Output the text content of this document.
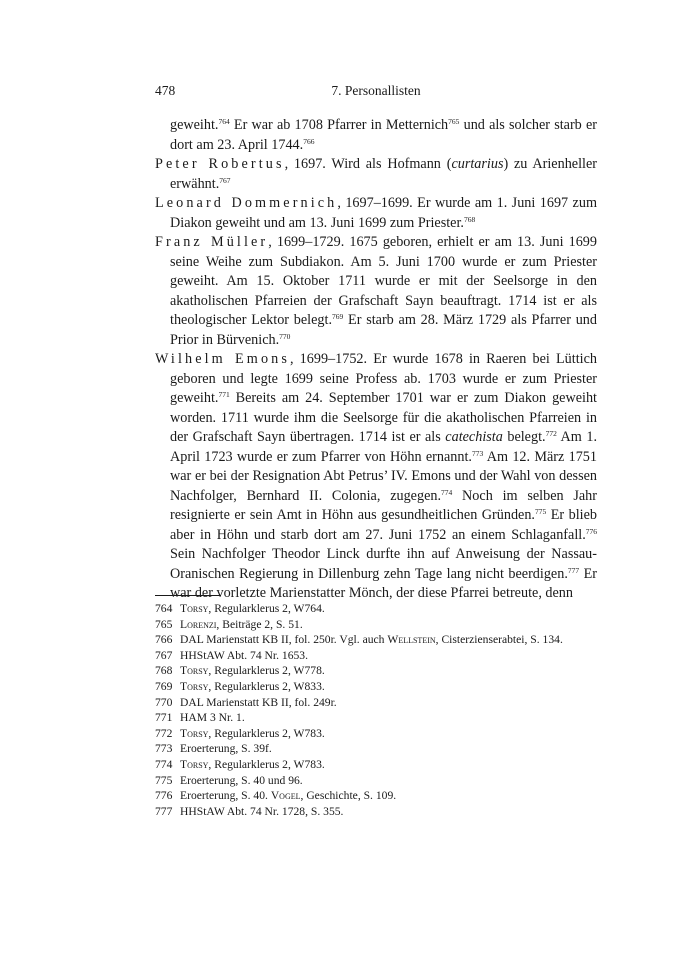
478	7. Personallisten

geweiht.$^{764}$ Er war ab 1708 Pfarrer in Metternich$^{765}$ und als solcher starb er dort am 23. April 1744.$^{766}$

Peter Robertus, 1697. Wird als Hofmann (curtarius) zu Arienheller erwähnt.$^{767}$

Leonard Dommernich, 1697–1699. Er wurde am 1. Juni 1697 zum Diakon geweiht und am 13. Juni 1699 zum Priester.$^{768}$

Franz Müller, 1699–1729. 1675 geboren, erhielt er am 13. Juni 1699 seine Weihe zum Subdiakon. Am 5. Juni 1700 wurde er zum Priester geweiht. Am 15. Oktober 1711 wurde er mit der Seelsorge in den akatholischen Pfarreien der Grafschaft Sayn beauftragt. 1714 ist er als theologischer Lektor belegt.$^{769}$ Er starb am 28. März 1729 als Pfarrer und Prior in Bürvenich.$^{770}$

Wilhelm Emons, 1699–1752. Er wurde 1678 in Raeren bei Lüttich geboren und legte 1699 seine Profess ab. 1703 wurde er zum Priester geweiht.$^{771}$ Bereits am 24. September 1701 war er zum Diakon geweiht worden. 1711 wurde ihm die Seelsorge für die akatholischen Pfarreien in der Grafschaft Sayn übertragen. 1714 ist er als catechista belegt.$^{772}$ Am 1. April 1723 wurde er zum Pfarrer von Höhn ernannt.$^{773}$ Am 12. März 1751 war er bei der Resignation Abt Petrus’ IV. Emons und der Wahl von dessen Nachfolger, Bernhard II. Colonia, zugegen.$^{774}$ Noch im selben Jahr resignierte er sein Amt in Höhn aus gesundheitlichen Gründen.$^{775}$ Er blieb aber in Höhn und starb dort am 27. Juni 1752 an einem Schlaganfall.$^{776}$ Sein Nachfolger Theodor Linck durfte ihn auf Anweisung der Nassau-Oranischen Regierung in Dillenburg zehn Tage lang nicht beerdigen.$^{777}$ Er war der vorletzte Marienstatter Mönch, der diese Pfarrei betreute, denn

764 Torsy, Regularklerus 2, W764.
765 Lorenzi, Beiträge 2, S. 51.
766 DAL Marienstatt KB II, fol. 250r. Vgl. auch Wellstein, Cisterzienserabtei, S. 134.
767 HHStAW Abt. 74 Nr. 1653.
768 Torsy, Regularklerus 2, W778.
769 Torsy, Regularklerus 2, W833.
770 DAL Marienstatt KB II, fol. 249r.
771 HAM 3 Nr. 1.
772 Torsy, Regularklerus 2, W783.
773 Eroerterung, S. 39f.
774 Torsy, Regularklerus 2, W783.
775 Eroerterung, S. 40 und 96.
776 Eroerterung, S. 40. Vogel, Geschichte, S. 109.
777 HHStAW Abt. 74 Nr. 1728, S. 355.
